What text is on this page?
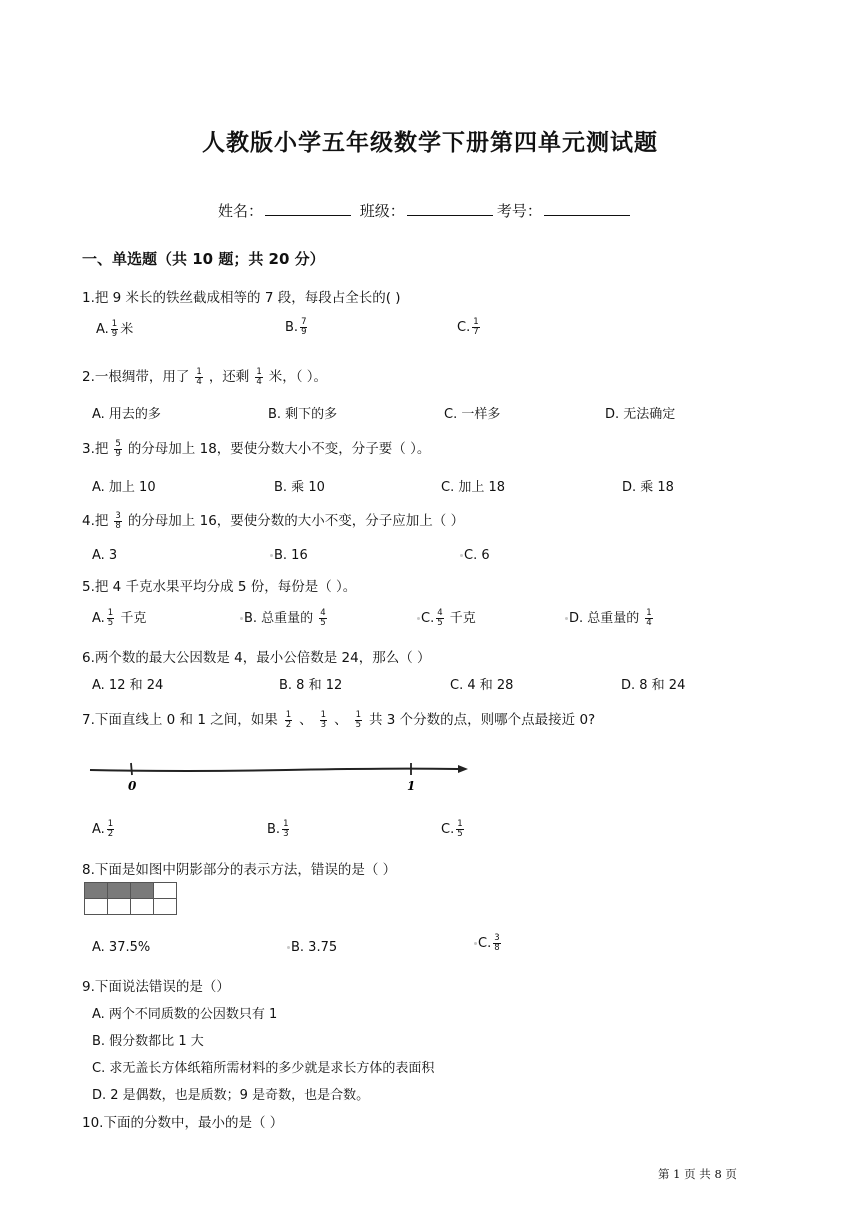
人教版小学五年级数学下册第四单元测试题
姓名：	班级：	考号：
一、单选题（共 10 题；共 20 分）
1.把 9 米长的铁丝截成相等的 7 段，每段占全长的( )
A. $\frac{1}{9}$ 米	B. $\frac{7}{9}$	C. $\frac{1}{7}$
2.一根绸带，用了 $\frac{1}{4}$ ，还剩 $\frac{1}{4}$ 米，（ ）。
A. 用去的多	B. 剩下的多	C. 一样多	D. 无法确定
3.把 $\frac{5}{9}$ 的分母加上 18，要使分数大小不变，分子要（ ）。
A. 加上 10	B. 乘 10	C. 加上 18	D. 乘 18
4.把 $\frac{3}{8}$ 的分母加上 16，要使分数的大小不变，分子应加上（ ）
A. 3	B. 16	C. 6
5.把 4 千克水果平均分成 5 份，每份是（ ）。
A. $\frac{1}{5}$ 千克	B. 总重量的 $\frac{4}{5}$	C. $\frac{4}{5}$ 千克	D. 总重量的 $\frac{1}{4}$
6.两个数的最大公因数是 4，最小公倍数是 24，那么（ ）
A. 12 和 24	B. 8 和 12	C. 4 和 28	D. 8 和 24
7.下面直线上 0 和 1 之间，如果 $\frac{1}{2}$ 、 $\frac{1}{3}$ 、 $\frac{1}{5}$ 共 3 个分数的点，则哪个点最接近 0?
0	1
A. $\frac{1}{2}$	B. $\frac{1}{3}$	C. $\frac{1}{5}$
8.下面是如图中阴影部分的表示方法，错误的是（ ）

A. 37.5%	B. 3.75	C. $\frac{3}{8}$
9.下面说法错误的是（）
A. 两个不同质数的公因数只有 1
B. 假分数都比 1 大
C. 求无盖长方体纸箱所需材料的多少就是求长方体的表面积
D. 2 是偶数，也是质数；9 是奇数，也是合数。
10.下面的分数中，最小的是（ ）
第 1 页 共 8 页
